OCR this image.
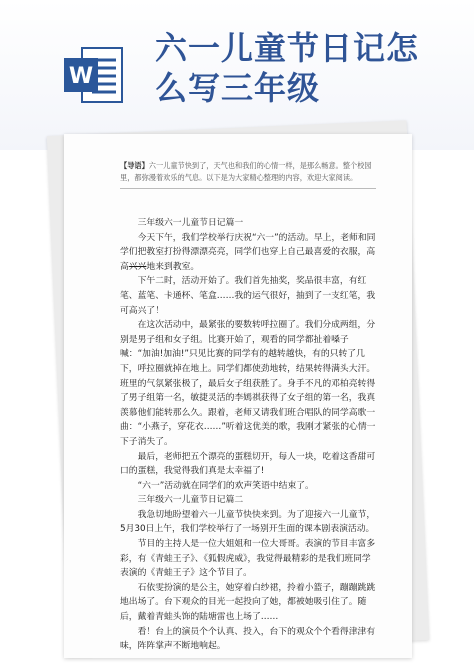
W
六一儿童节日记怎
么写三年级
【导语】六一儿童节快到了，天气也和我们的心情一样，是那么畅意。整个校园里，都弥漫着欢乐的气息。以下是为大家精心整理的内容，欢迎大家阅读。

三年级六一儿童节日记篇一

今天下午，我们学校举行庆祝“六一”的活动。早上，老师和同学们把教室打扮得漂漂亮亮，同学们也穿上自己最喜爱的衣服，高高兴兴地来到教室。

下午二时，活动开始了。我们首先抽奖，奖品很丰富，有红笔、蓝笔、卡通杯、笔盒……我的运气很好，抽到了一支红笔，我可高兴了！

在这次活动中，最紧张的要数转呼拉圈了。我们分成两组，分别是男子组和女子组。比赛开始了，观看的同学都扯着嗓子喊：“加油!加油!”只见比赛的同学有的越转越快，有的只转了几下，呼拉圈就掉在地上。同学们都使劲地转，结果转得满头大汗。班里的气氛紧张极了，最后女子组获胜了。身手不凡的邓柏亮转得了男子组第一名，敏捷灵活的李嫣祺获得了女子组的第一名，我真羡慕他们能转那么久。跟着，老师又请我们班合唱队的同学高歌一曲：“小燕子，穿花衣……”听着这优美的歌，我刚才紧张的心情一下子消失了。

最后，老师把五个漂亮的蛋糕切开，每人一块，吃着这香甜可口的蛋糕，我觉得我们真是太幸福了!

“六一”活动就在同学们的欢声笑语中结束了。

三年级六一儿童节日记篇二

我急切地盼望着六一儿童节快快来到。为了迎接六一儿童节，5月30日上午，我们学校举行了一场别开生面的课本剧表演活动。

节目的主持人是一位大姐姐和一位大哥哥。表演的节目丰富多彩，有《青蛙王子》、《狐假虎威》，我觉得最精彩的是我们班同学表演的《青蛙王子》这个节目了。

石依雯扮演的是公主，她穿着白纱裙，拎着小篮子，蹦蹦跳跳地出场了。台下观众的目光一起投向了她，都被她吸引住了。随后，戴着青蛙头饰的陆塘雷也上场了……

看！台上的演员个个认真、投入，台下的观众个个看得津津有味，阵阵掌声不断地响起。
